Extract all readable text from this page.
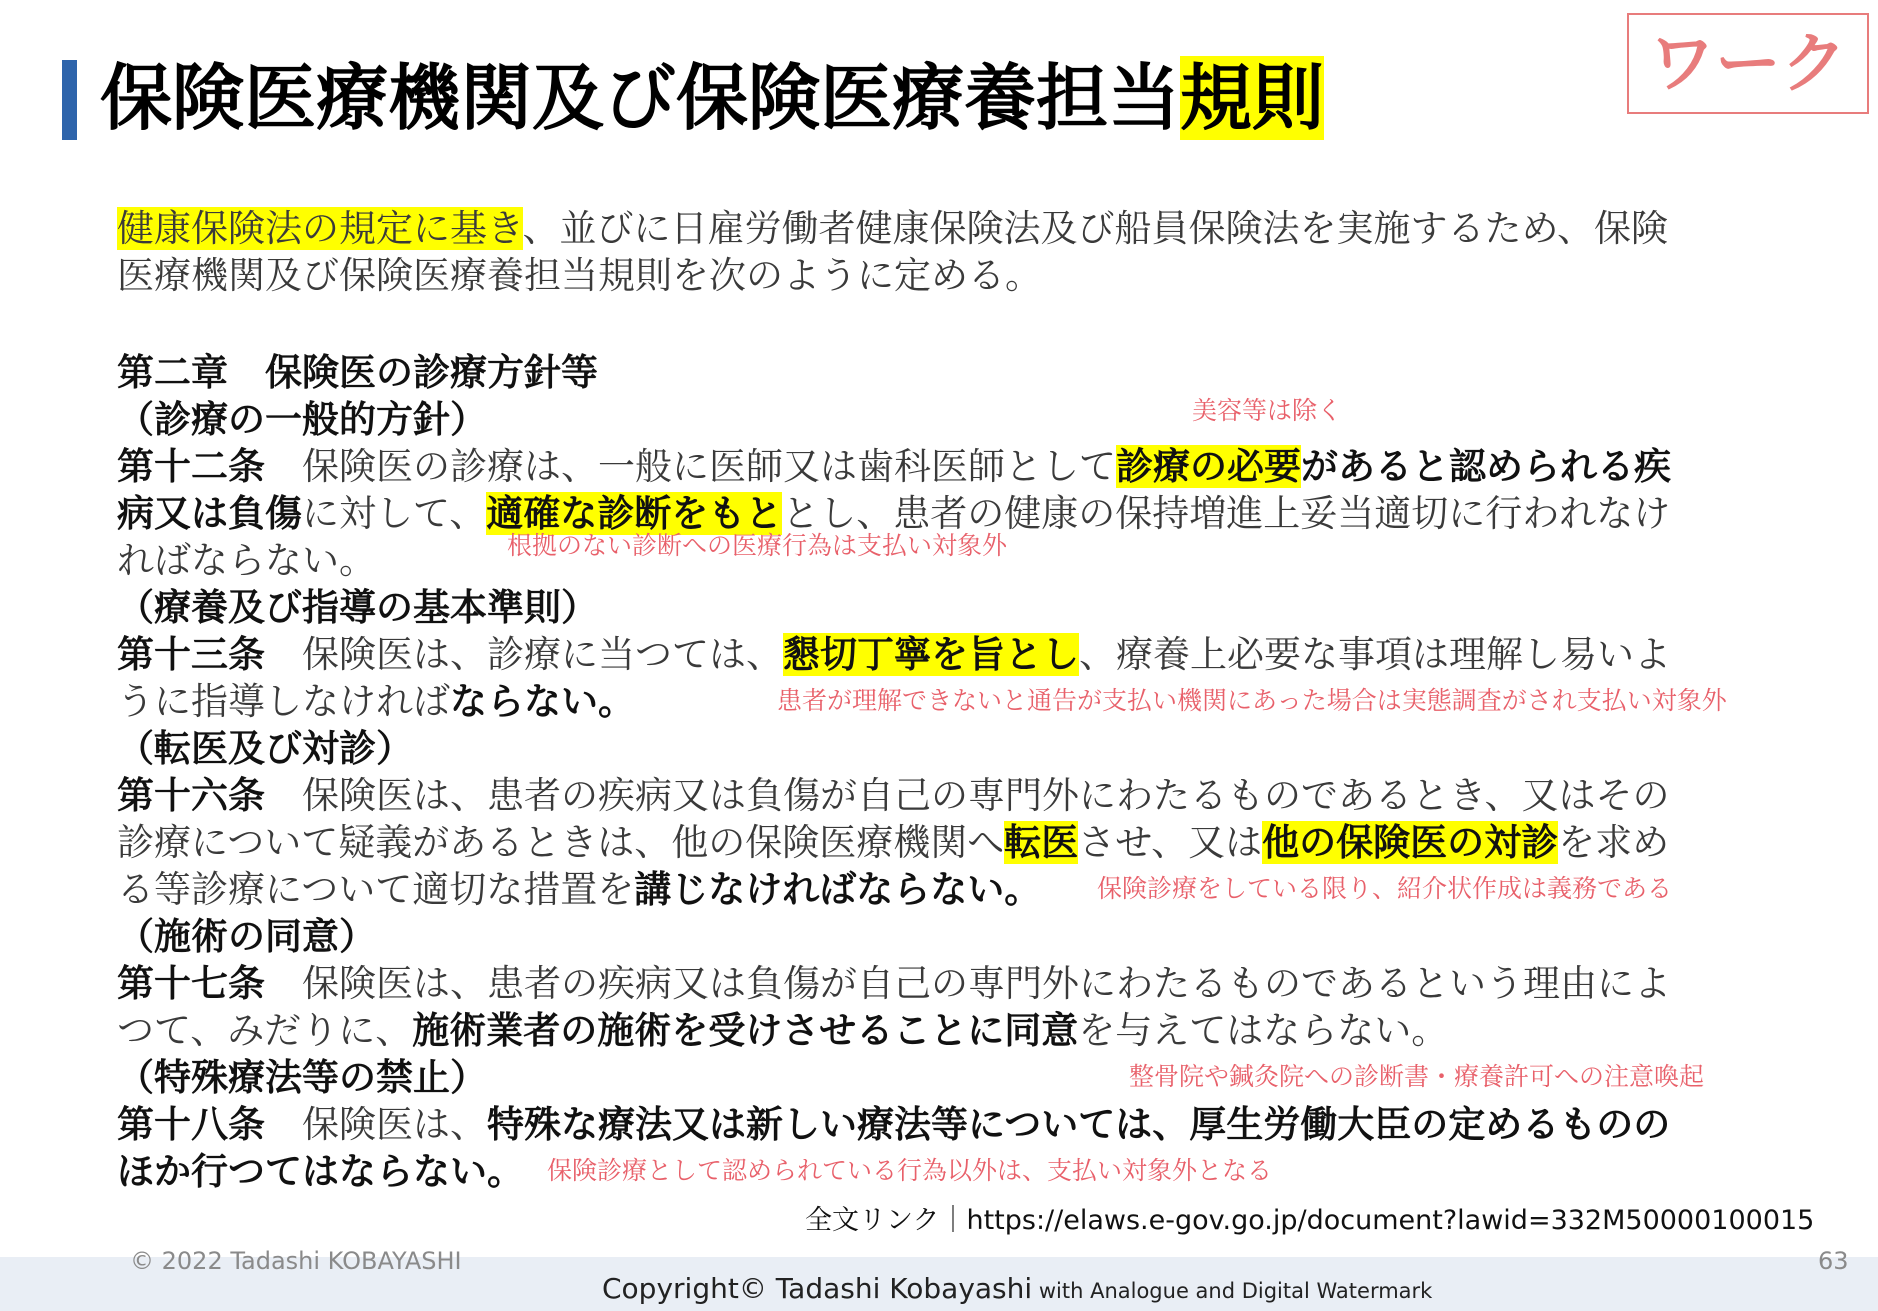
保険医療機関及び保険医療養担当規則	ワーク
健康保険法の規定に基き、並びに日雇労働者健康保険法及び船員保険法を実施するため、保険
医療機関及び保険医療養担当規則を次のように定める。
第二章　保険医の診療方針等
（診療の一般的方針）	美容等は除く
第十二条　保険医の診療は、一般に医師又は歯科医師として診療の必要があると認められる疾
病又は負傷に対して、適確な診断をもととし、患者の健康の保持増進上妥当適切に行われなけ
ればならない。	根拠のない診断への医療行為は支払い対象外
（療養及び指導の基本準則）
第十三条　保険医は、診療に当つては、懇切丁寧を旨とし、療養上必要な事項は理解し易いよ
うに指導しなければならない。	患者が理解できないと通告が支払い機関にあった場合は実態調査がされ支払い対象外
（転医及び対診）
第十六条　保険医は、患者の疾病又は負傷が自己の専門外にわたるものであるとき、又はその
診療について疑義があるときは、他の保険医療機関へ転医させ、又は他の保険医の対診を求め
る等診療について適切な措置を講じなければならない。 保険診療をしている限り、紹介状作成は義務である
（施術の同意）
第十七条　保険医は、患者の疾病又は負傷が自己の専門外にわたるものであるという理由によ
つて、みだりに、施術業者の施術を受けさせることに同意を与えてはならない。
（特殊療法等の禁止）	整骨院や鍼灸院への診断書・療養許可への注意喚起
第十八条　保険医は、特殊な療法又は新しい療法等については、厚生労働大臣の定めるものの
ほか行つてはならない。 保険診療として認められている行為以外は、支払い対象外となる
全文リンク｜https://elaws.e-gov.go.jp/document?lawid=332M50000100015
© 2022 Tadashi KOBAYASHI	63
Copyright© Tadashi Kobayashi with Analogue and Digital Watermark
